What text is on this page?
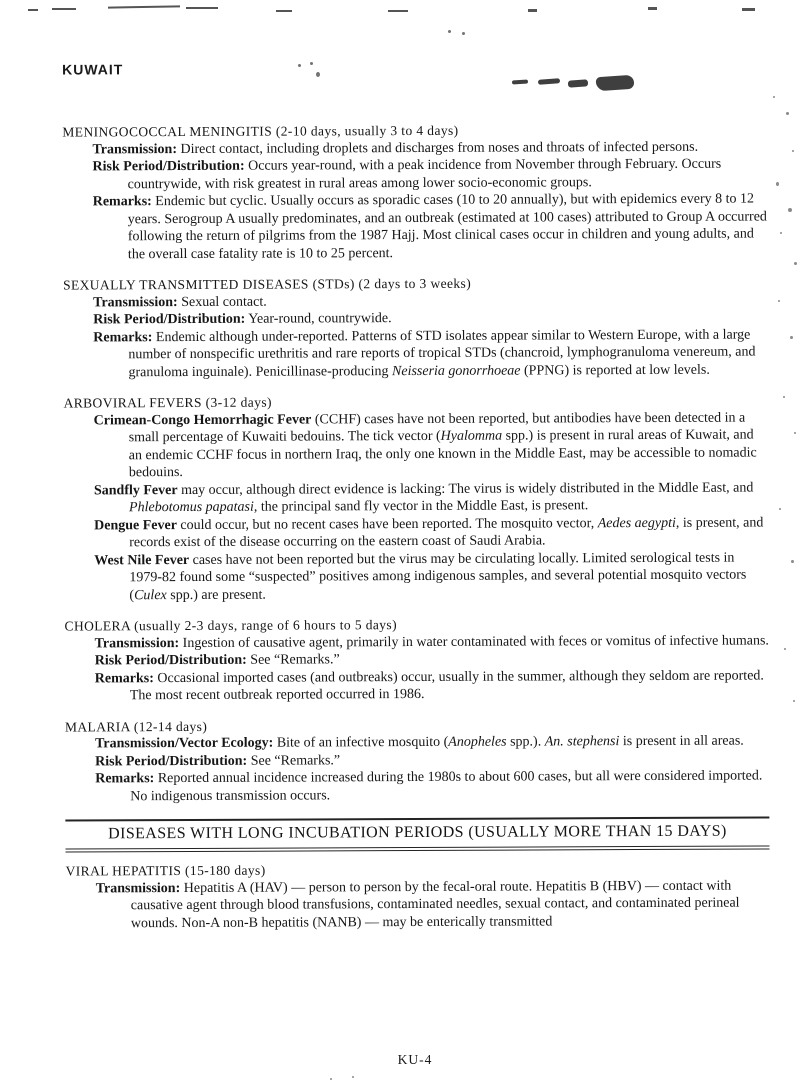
KUWAIT
MENINGOCOCCAL MENINGITIS (2-10 days, usually 3 to 4 days)

Transmission: Direct contact, including droplets and discharges from noses and throats of infected persons.

Risk Period/Distribution: Occurs year-round, with a peak incidence from November through February. Occurs countrywide, with risk greatest in rural areas among lower socio-economic groups.

Remarks: Endemic but cyclic. Usually occurs as sporadic cases (10 to 20 annually), but with epidemics every 8 to 12 years. Serogroup A usually predominates, and an outbreak (estimated at 100 cases) attributed to Group A occurred following the return of pilgrims from the 1987 Hajj. Most clinical cases occur in children and young adults, and the overall case fatality rate is 10 to 25 percent.

SEXUALLY TRANSMITTED DISEASES (STDs) (2 days to 3 weeks)

Transmission: Sexual contact.

Risk Period/Distribution: Year-round, countrywide.

Remarks: Endemic although under-reported. Patterns of STD isolates appear similar to Western Europe, with a large number of nonspecific urethritis and rare reports of tropical STDs (chancroid, lymphogranuloma venereum, and granuloma inguinale). Penicillinase-producing Neisseria gonorrhoeae (PPNG) is reported at low levels.

ARBOVIRAL FEVERS (3-12 days)

Crimean-Congo Hemorrhagic Fever (CCHF) cases have not been reported, but antibodies have been detected in a small percentage of Kuwaiti bedouins. The tick vector (Hyalomma spp.) is present in rural areas of Kuwait, and an endemic CCHF focus in northern Iraq, the only one known in the Middle East, may be accessible to nomadic bedouins.

Sandfly Fever may occur, although direct evidence is lacking: The virus is widely distributed in the Middle East, and Phlebotomus papatasi, the principal sand fly vector in the Middle East, is present.

Dengue Fever could occur, but no recent cases have been reported. The mosquito vector, Aedes aegypti, is present, and records exist of the disease occurring on the eastern coast of Saudi Arabia.

West Nile Fever cases have not been reported but the virus may be circulating locally. Limited serological tests in 1979-82 found some “suspected” positives among indigenous samples, and several potential mosquito vectors (Culex spp.) are present.

CHOLERA (usually 2-3 days, range of 6 hours to 5 days)

Transmission: Ingestion of causative agent, primarily in water contaminated with feces or vomitus of infective humans.

Risk Period/Distribution: See “Remarks.”

Remarks: Occasional imported cases (and outbreaks) occur, usually in the summer, although they seldom are reported. The most recent outbreak reported occurred in 1986.

MALARIA (12-14 days)

Transmission/Vector Ecology: Bite of an infective mosquito (Anopheles spp.). An. stephensi is present in all areas.

Risk Period/Distribution: See “Remarks.”

Remarks: Reported annual incidence increased during the 1980s to about 600 cases, but all were considered imported. No indigenous transmission occurs.

DISEASES WITH LONG INCUBATION PERIODS (USUALLY MORE THAN 15 DAYS)
VIRAL HEPATITIS (15-180 days)

Transmission: Hepatitis A (HAV) — person to person by the fecal-oral route. Hepatitis B (HBV) — contact with causative agent through blood transfusions, contaminated needles, sexual contact, and contaminated perineal wounds. Non-A non-B hepatitis (NANB) — may be enterically transmitted

KU-4
